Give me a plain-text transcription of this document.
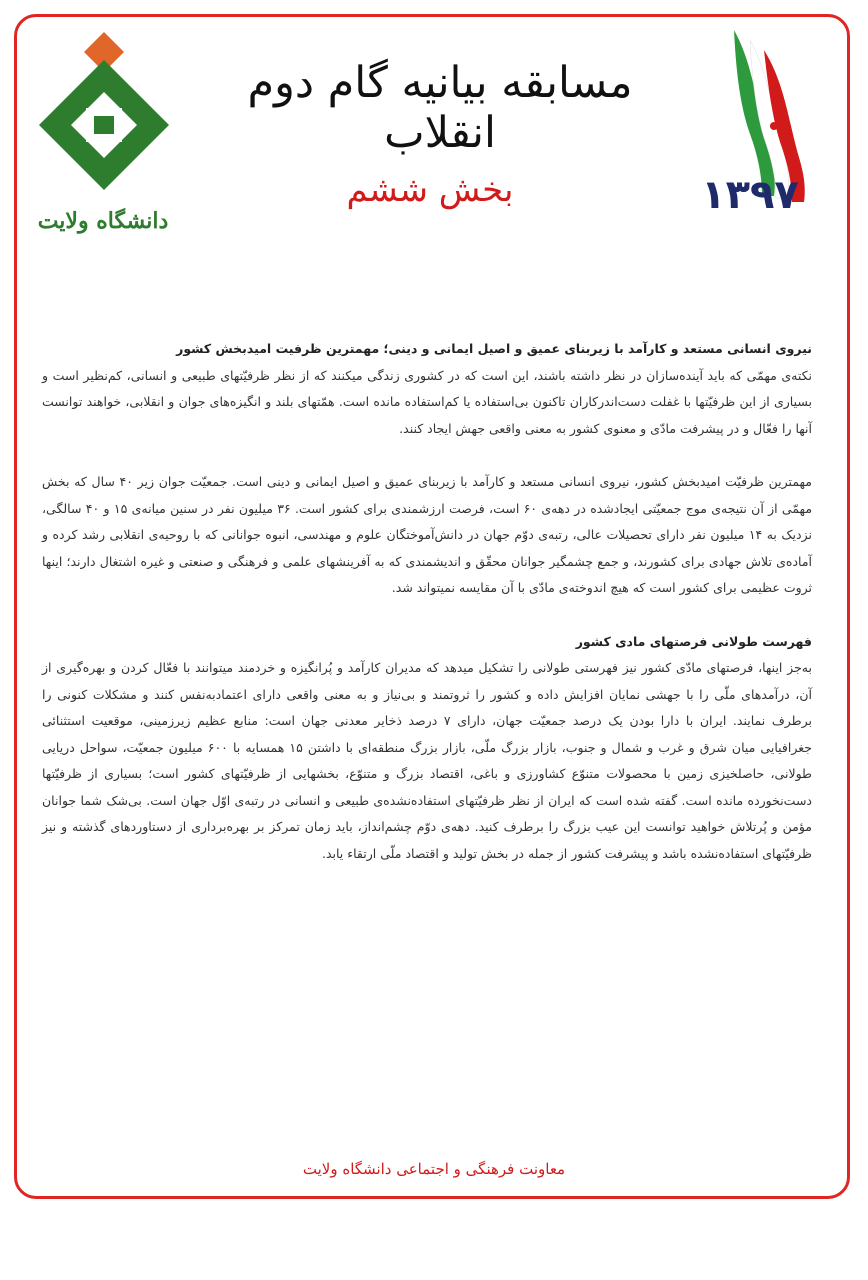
دانشگاه ولایت
۱۳۹۷
مسابقه بیانیه گام دوم انقلاب
بخش ششم
نیروی انسانی مستعد و کارآمد با زیربنای عمیق و اصیل ایمانی و دینی؛ مهمترین ظرفیت امیدبخش کشور

نکته‌ی مهمّی که باید آینده‌سازان در نظر داشته باشند، این است که در کشوری زندگی میکنند که از نظر ظرفیّتهای طبیعی و انسانی، کم‌نظیر است و بسیاری از این ظرفیّتها با غفلت دست‌اندرکاران تاکنون بی‌استفاده یا کم‌استفاده مانده است. همّتهای بلند و انگیزه‌های جوان و انقلابی، خواهند توانست آنها را فعّال و در پیشرفت مادّی و معنوی کشور به معنی واقعی جهش ایجاد کنند.

مهمترین ظرفیّت امیدبخش کشور، نیروی انسانی مستعد و کارآمد با زیربنای عمیق و اصیل ایمانی و دینی است. جمعیّت جوان زیر ۴۰ سال که بخش مهمّی از آن نتیجه‌ی موج جمعیّتی ایجادشده در دهه‌ی ۶۰ است، فرصت ارزشمندی برای کشور است. ۳۶ میلیون نفر در سنین میانه‌ی ۱۵ و ۴۰ سالگی، نزدیک به ۱۴ میلیون نفر دارای تحصیلات عالی، رتبه‌ی دوّم جهان در دانش‌آموختگان علوم و مهندسی، انبوه جوانانی که با روحیه‌ی انقلابی رشد کرده و آماده‌ی تلاش جهادی برای کشورند، و جمع چشمگیر جوانان محقّق و اندیشمندی که به آفرینشهای علمی و فرهنگی و صنعتی و غیره اشتغال دارند؛ اینها ثروت عظیمی برای کشور است که هیچ اندوخته‌ی مادّی با آن مقایسه نمیتواند شد.

فهرست طولانی فرصتهای مادی کشور

به‌جز اینها، فرصتهای مادّی کشور نیز فهرستی طولانی را تشکیل میدهد که مدیران کارآمد و پُرانگیزه و خردمند میتوانند با فعّال کردن و بهره‌گیری از آن، درآمدهای ملّی را با جهشی نمایان افزایش داده و کشور را ثروتمند و بی‌نیاز و به معنی واقعی دارای اعتمادبه‌نفس کنند و مشکلات کنونی را برطرف نمایند. ایران با دارا بودن یک درصد جمعیّت جهان، دارای ۷ درصد ذخایر معدنی جهان است: منابع عظیم زیرزمینی، موقعیت استثنائی جغرافیایی میان شرق و غرب و شمال و جنوب، بازار بزرگ ملّی، بازار بزرگ منطقه‌ای با داشتن ۱۵ همسایه با ۶۰۰ میلیون جمعیّت، سواحل دریایی طولانی، حاصلخیزی زمین با محصولات متنوّع کشاورزی و باغی، اقتصاد بزرگ و متنوّع، بخشهایی از ظرفیّتهای کشور است؛ بسیاری از ظرفیّتها دست‌نخورده مانده است. گفته شده است که ایران از نظر ظرفیّتهای استفاده‌نشده‌ی طبیعی و انسانی در رتبه‌ی اوّل جهان است. بی‌شک شما جوانان مؤمن و پُرتلاش خواهید توانست این عیب بزرگ را برطرف کنید. دهه‌ی دوّم چشم‌انداز، باید زمان تمرکز بر بهره‌برداری از دستاوردهای گذشته و نیز ظرفیّتهای استفاده‌نشده باشد و پیشرفت کشور از جمله در بخش تولید و اقتصاد ملّی ارتقاء یابد.

معاونت فرهنگی و اجتماعی دانشگاه ولایت
